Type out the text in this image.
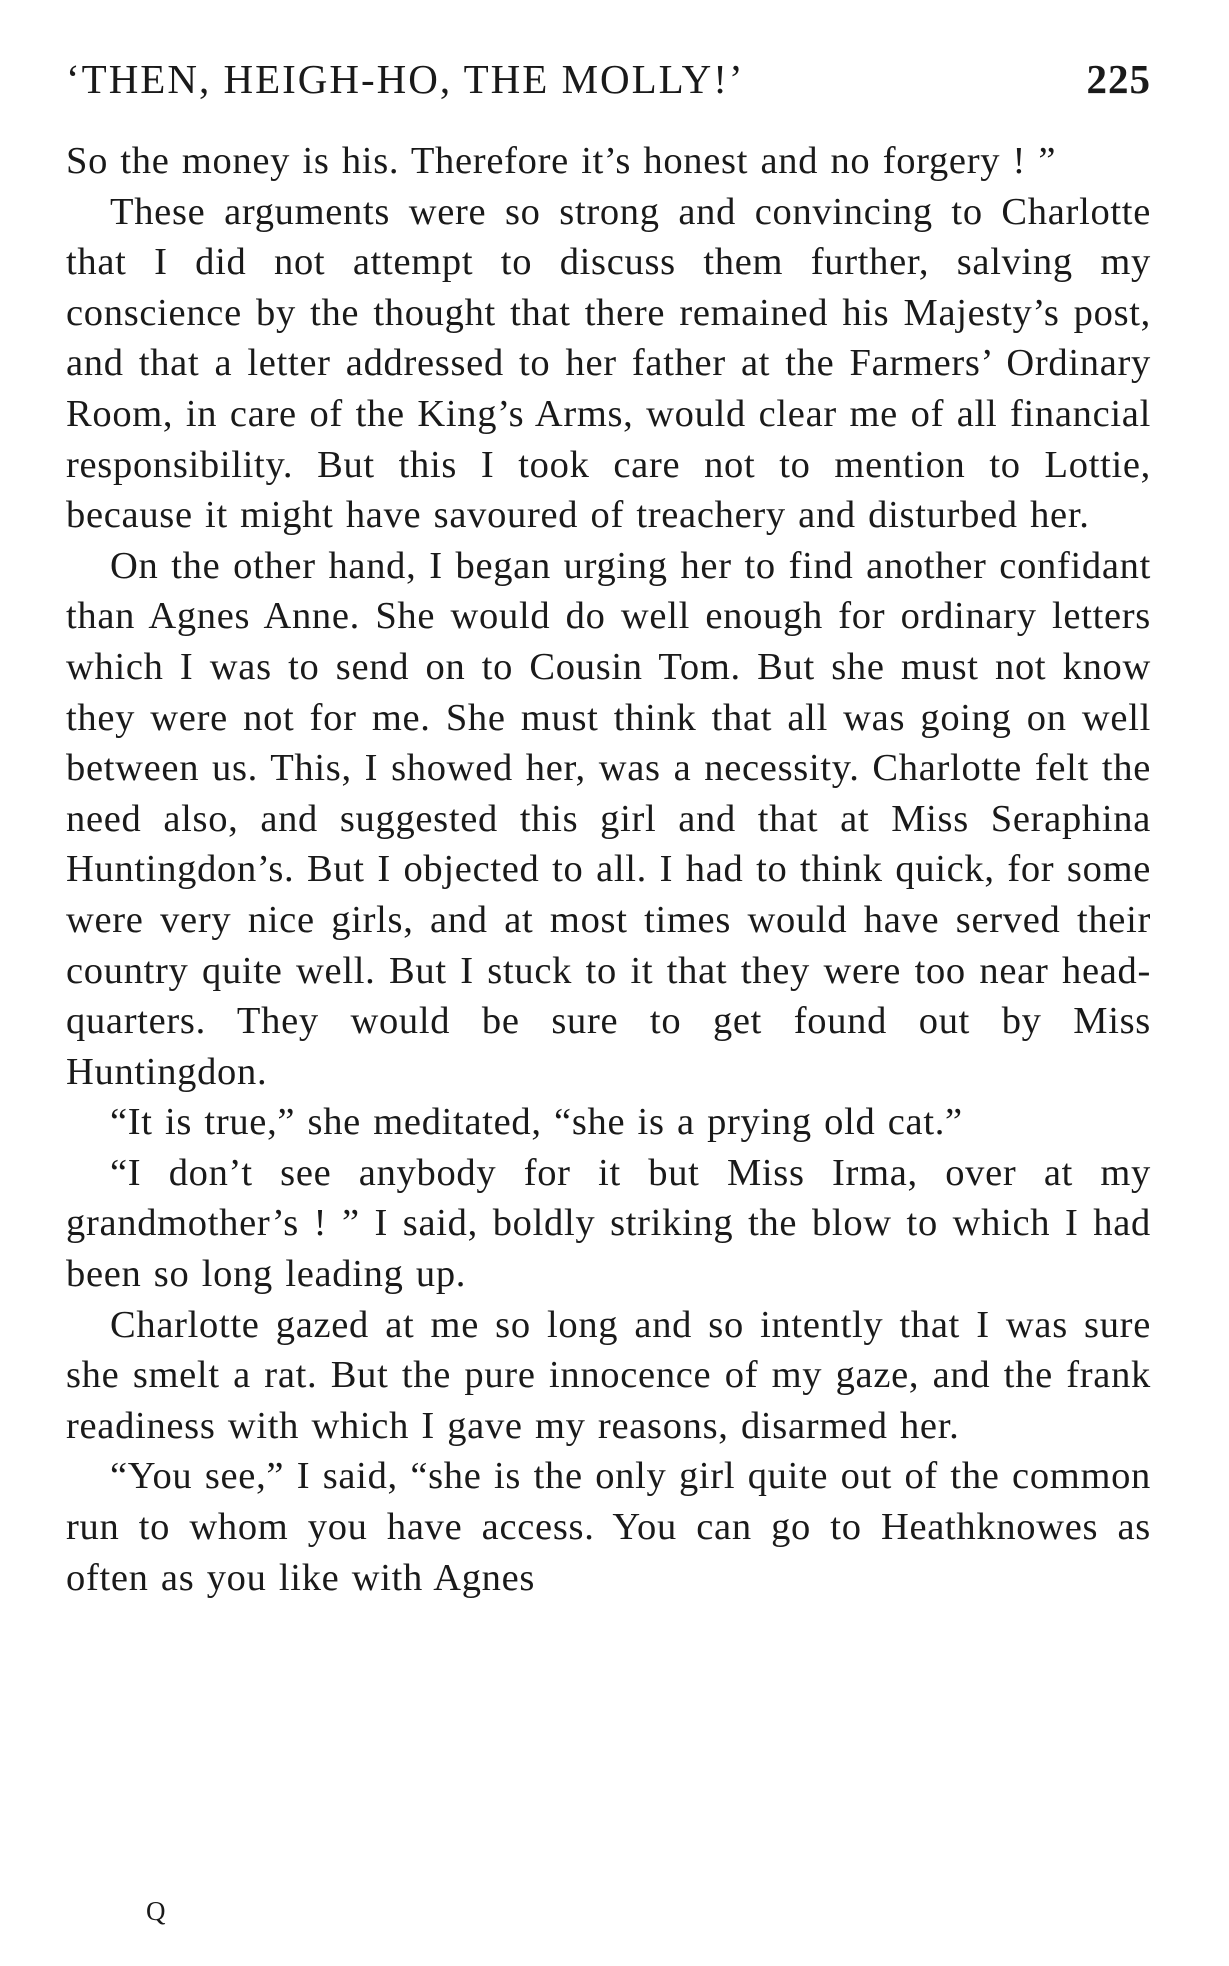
‘THEN, HEIGH-HO, THE MOLLY!’	225

So the money is his. Therefore it’s honest and no forgery ! ”

These arguments were so strong and convincing to Charlotte that I did not attempt to discuss them further, salving my conscience by the thought that there remained his Majesty’s post, and that a letter addressed to her father at the Farmers’ Ordinary Room, in care of the King’s Arms, would clear me of all financial responsibility. But this I took care not to mention to Lottie, because it might have savoured of treachery and disturbed her.

On the other hand, I began urging her to find another confidant than Agnes Anne. She would do well enough for ordinary letters which I was to send on to Cousin Tom. But she must not know they were not for me. She must think that all was going on well between us. This, I showed her, was a necessity. Charlotte felt the need also, and suggested this girl and that at Miss Seraphina Huntingdon’s. But I objected to all. I had to think quick, for some were very nice girls, and at most times would have served their country quite well. But I stuck to it that they were too near head-quarters. They would be sure to get found out by Miss Huntingdon.

“It is true,” she meditated, “she is a prying old cat.”

“I don’t see anybody for it but Miss Irma, over at my grandmother’s ! ” I said, boldly striking the blow to which I had been so long leading up.

Charlotte gazed at me so long and so intently that I was sure she smelt a rat. But the pure innocence of my gaze, and the frank readiness with which I gave my reasons, disarmed her.

“You see,” I said, “she is the only girl quite out of the common run to whom you have access. You can go to Heathknowes as often as you like with Agnes

Q
